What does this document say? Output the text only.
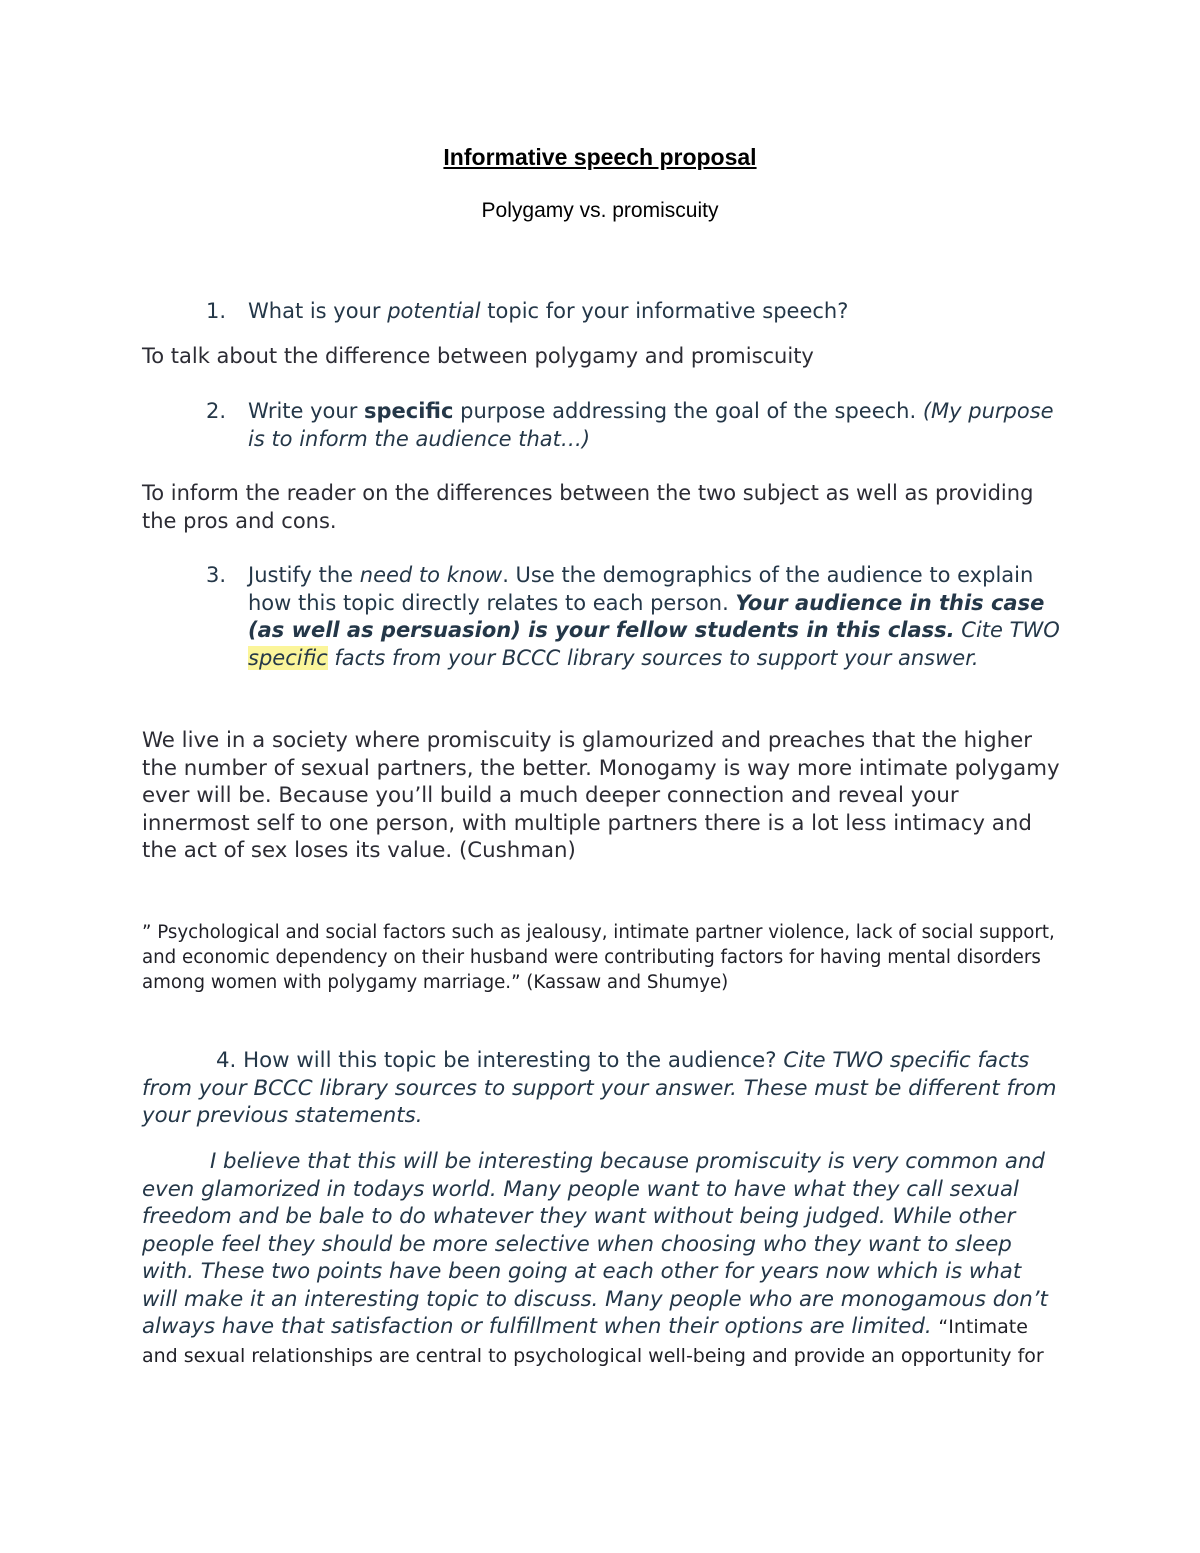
Informative speech proposal
Polygamy vs. promiscuity
1.	What is your potential topic for your informative speech?
To talk about the difference between polygamy and promiscuity
2.	Write your specific purpose addressing the goal of the speech. (My purpose is to inform the audience that…)
To inform the reader on the differences between the two subject as well as providing the pros and cons.
3.	Justify the need to know. Use the demographics of the audience to explain how this topic directly relates to each person. Your audience in this case (as well as persuasion) is your fellow students in this class. Cite TWO specific facts from your BCCC library sources to support your answer.
We live in a society where promiscuity is glamourized and preaches that the higher the number of sexual partners, the better. Monogamy is way more intimate polygamy ever will be. Because you’ll build a much deeper connection and reveal your innermost self to one person, with multiple partners there is a lot less intimacy and the act of sex loses its value. (Cushman)
” Psychological and social factors such as jealousy, intimate partner violence, lack of social support, and economic dependency on their husband were contributing factors for having mental disorders among women with polygamy marriage.” (Kassaw and Shumye)
4. How will this topic be interesting to the audience? Cite TWO specific facts from your BCCC library sources to support your answer. These must be different from your previous statements.
I believe that this will be interesting because promiscuity is very common and even glamorized in todays world. Many people want to have what they call sexual freedom and be bale to do whatever they want without being judged. While other people feel they should be more selective when choosing who they want to sleep with. These two points have been going at each other for years now which is what will make it an interesting topic to discuss. Many people who are monogamous don’t always have that satisfaction or fulfillment when their options are limited. “Intimate and sexual relationships are central to psychological well-being and provide an opportunity for
